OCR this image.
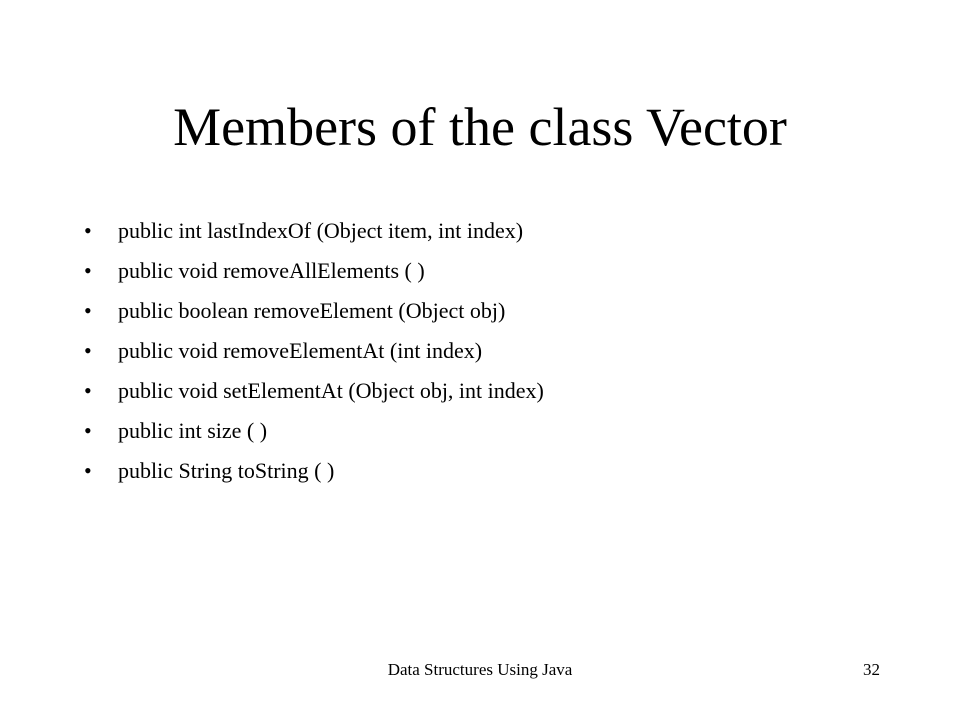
Members of the class Vector
•	public int lastIndexOf (Object item, int index)
•	public void removeAllElements ( )
•	public boolean removeElement (Object obj)
•	public void removeElementAt (int index)
•	public void setElementAt (Object obj, int index)
•	public int size ( )
•	public String toString ( )
Data Structures Using Java	32
